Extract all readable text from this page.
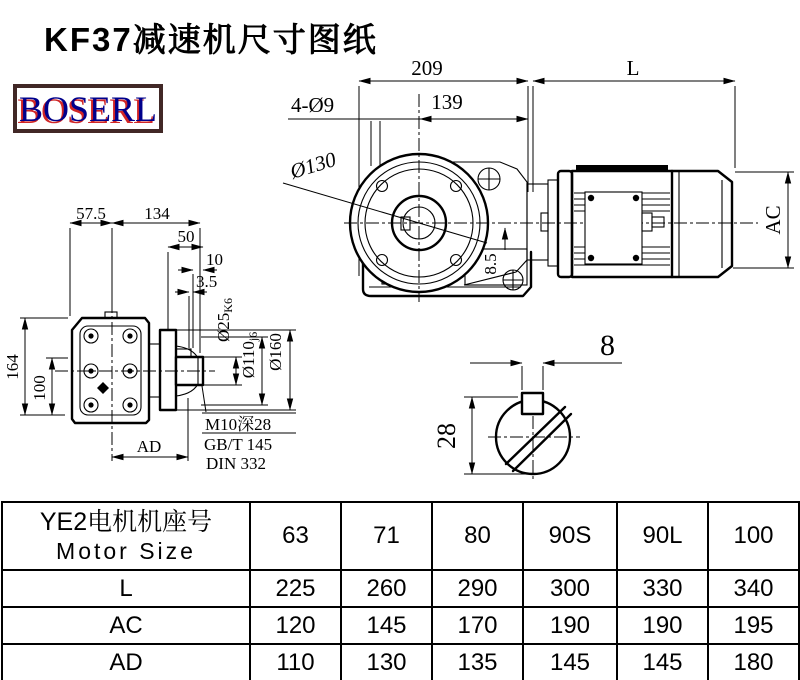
KF37减速机尺寸图纸
BOSERL
209	L
4-Ø9	139
8.5
Ø130
AC
57.5 134
50
10
3.5
164
100
AD
Ø25K6
Ø110j6 Ø160
M10深28
GB/T 145
DIN 332
8
28
YE2电机机座号
Motor Size	63	71	80	90S	90L	100
L	225	260	290	300	330	340
AC	120	145	170	190	190	195
AD	110	130	135	145	145	180
